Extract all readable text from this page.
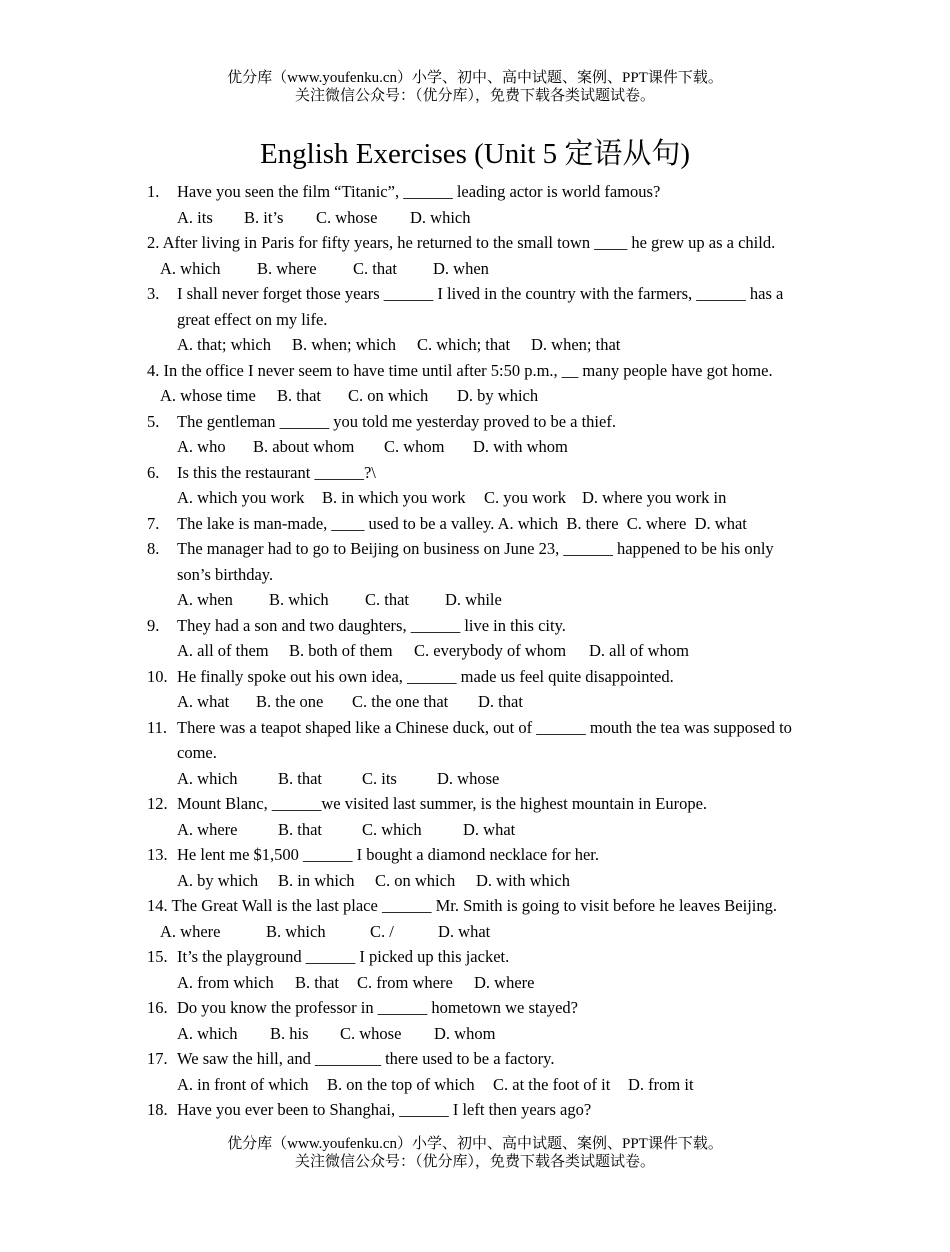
优分库（www.youfenku.cn）小学、初中、高中试题、案例、PPT课件下载。
关注微信公众号：（优分库），免费下载各类试题试卷。
English Exercises (Unit 5 定语从句)
1.	Have you seen the film “Titanic”, ______ leading actor is world famous?
A. its B. it’s C. whose D. which
2. After living in Paris for fifty years, he returned to the small town ____ he grew up as a child.
A. which B. where C. that D. when
3.	I shall never forget those years ______ I lived in the country with the farmers, ______ has a great effect on my life.
A. that; which B. when; which C. which; that D. when; that
4. In the office I never seem to have time until after 5:50 p.m., __ many people have got home.
A. whose time B. that C. on which D. by which
5.	The gentleman ______ you told me yesterday proved to be a thief.
A. who B. about whom C. whom D. with whom
6.	Is this the restaurant ______?\
A. which you work B. in which you work C. you work D. where you work in
7.	The lake is man-made, ____ used to be a valley. A. which  B. there  C. where  D. what
8.	The manager had to go to Beijing on business on June 23, ______ happened to be his only son’s birthday.
A. when B. which C. that D. while
9.	They had a son and two daughters, ______ live in this city.
A. all of them B. both of them C. everybody of whom D. all of whom
10. He finally spoke out his own idea, ______ made us feel quite disappointed.
A. what B. the one C. the one that D. that
11. There was a teapot shaped like a Chinese duck, out of ______ mouth the tea was supposed to come.
A. which B. that C. its D. whose
12. Mount Blanc, ______we visited last summer, is the highest mountain in Europe.
A. where B. that C. which	D. what
13. He lent me $1,500 ______ I bought a diamond necklace for her.
A. by which B. in which C. on which D. with which
14. The Great Wall is the last place ______ Mr. Smith is going to visit before he leaves Beijing.
A. where	B. which	C. /	D. what
15. It’s the playground ______ I picked up this jacket.
A. from which B. that C. from where D. where
16. Do you know the professor in ______ hometown we stayed?
A. which B. his C. whose D. whom
17. We saw the hill, and ________ there used to be a factory.
A. in front of which B. on the top of which C. at the foot of it D. from it
18. Have you ever been to Shanghai, ______ I left then years ago?
优分库（www.youfenku.cn）小学、初中、高中试题、案例、PPT课件下载。
关注微信公众号：（优分库），免费下载各类试题试卷。
